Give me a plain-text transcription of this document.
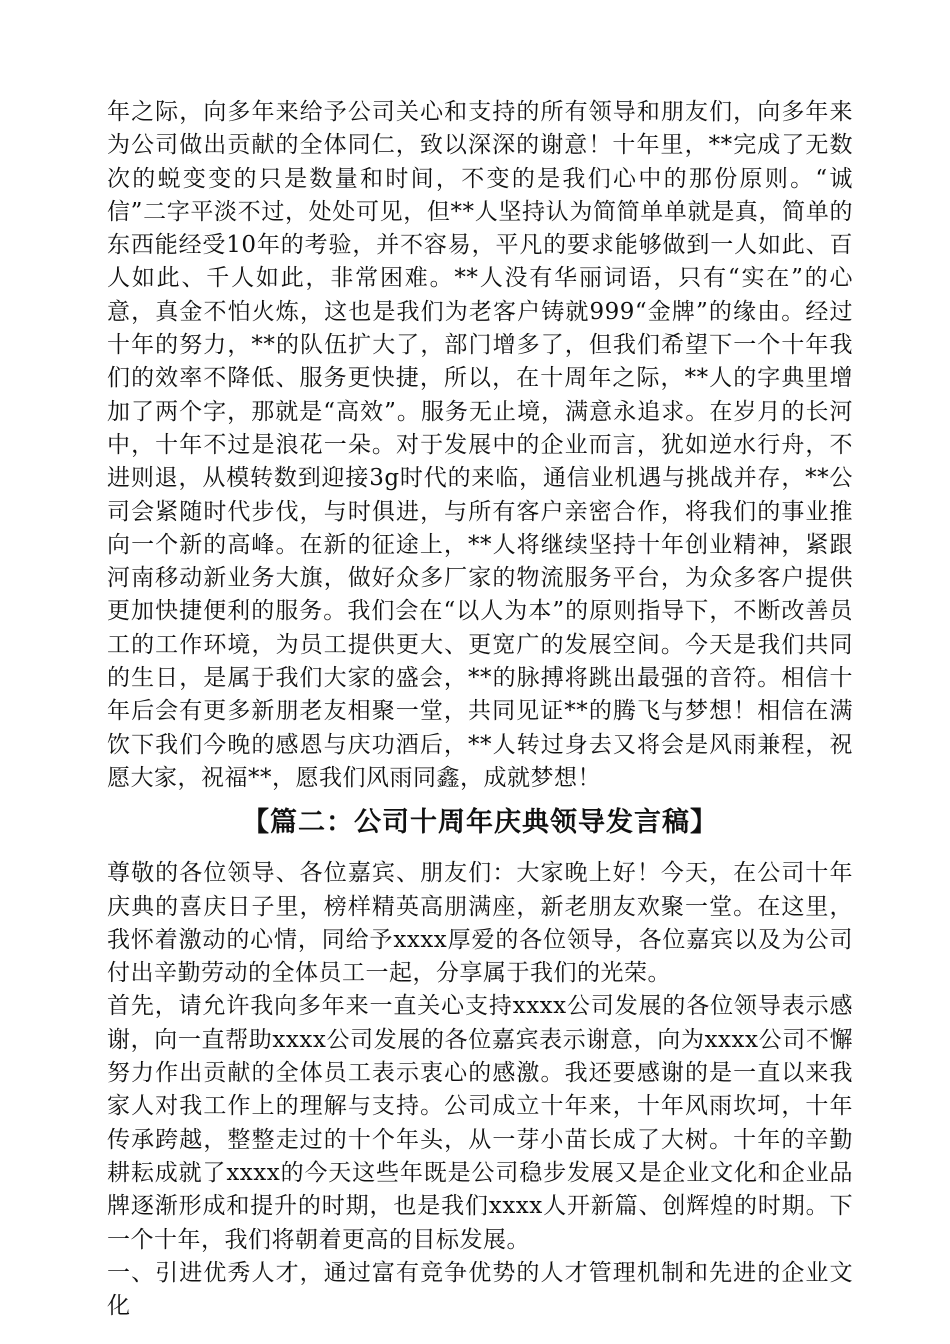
年之际，向多年来给予公司关心和支持的所有领导和朋友们，向多年来为公司做出贡献的全体同仁，致以深深的谢意！十年里，**完成了无数次的蜕变变的只是数量和时间，不变的是我们心中的那份原则。“诚信”二字平淡不过，处处可见，但**人坚持认为简简单单就是真，简单的东西能经受10年的考验，并不容易，平凡的要求能够做到一人如此、百人如此、千人如此，非常困难。**人没有华丽词语，只有“实在”的心意，真金不怕火炼，这也是我们为老客户铸就999“金牌”的缘由。经过十年的努力，**的队伍扩大了，部门增多了，但我们希望下一个十年我们的效率不降低、服务更快捷，所以，在十周年之际，**人的字典里增加了两个字，那就是“高效”。服务无止境，满意永追求。在岁月的长河中，十年不过是浪花一朵。对于发展中的企业而言，犹如逆水行舟，不进则退，从模转数到迎接3g时代的来临，通信业机遇与挑战并存，**公司会紧随时代步伐，与时俱进，与所有客户亲密合作，将我们的事业推向一个新的高峰。在新的征途上，**人将继续坚持十年创业精神，紧跟河南移动新业务大旗，做好众多厂家的物流服务平台，为众多客户提供更加快捷便利的服务。我们会在“以人为本”的原则指导下，不断改善员工的工作环境，为员工提供更大、更宽广的发展空间。今天是我们共同的生日，是属于我们大家的盛会，**的脉搏将跳出最强的音符。相信十年后会有更多新朋老友相聚一堂，共同见证**的腾飞与梦想！相信在满饮下我们今晚的感恩与庆功酒后，**人转过身去又将会是风雨兼程，祝愿大家，祝福**，愿我们风雨同鑫，成就梦想！

【篇二：公司十周年庆典领导发言稿】

尊敬的各位领导、各位嘉宾、朋友们：大家晚上好！今天，在公司十年庆典的喜庆日子里，榜样精英高朋满座，新老朋友欢聚一堂。在这里，我怀着激动的心情，同给予xxxx厚爱的各位领导，各位嘉宾以及为公司付出辛勤劳动的全体员工一起，分享属于我们的光荣。

首先，请允许我向多年来一直关心支持xxxx公司发展的各位领导表示感谢，向一直帮助xxxx公司发展的各位嘉宾表示谢意，向为xxxx公司不懈努力作出贡献的全体员工表示衷心的感激。我还要感谢的是一直以来我家人对我工作上的理解与支持。公司成立十年来，十年风雨坎坷，十年传承跨越，整整走过的十个年头，从一芽小苗长成了大树。十年的辛勤耕耘成就了xxxx的今天这些年既是公司稳步发展又是企业文化和企业品牌逐渐形成和提升的时期，也是我们xxxx人开新篇、创辉煌的时期。下一个十年，我们将朝着更高的目标发展。

一、引进优秀人才，通过富有竞争优势的人才管理机制和先进的企业文化
